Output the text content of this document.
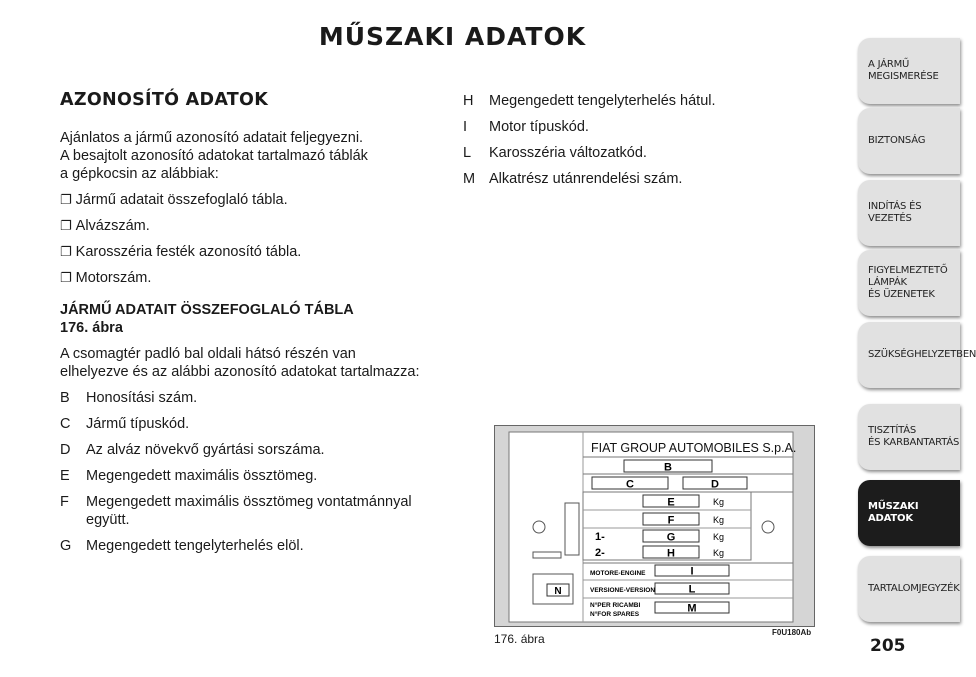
MŰSZAKI ADATOK
AZONOSÍTÓ ADATOK

Ajánlatos a jármű azonosító adatait feljegyezni.

A besajtolt azonosító adatokat tartalmazó táblák

a gépkocsin az alábbiak:

❐ Jármű adatait összefoglaló tábla.

❐ Alvázszám.

❐ Karosszéria festék azonosító tábla.

❐ Motorszám.

JÁRMŰ ADATAIT ÖSSZEFOGLALÓ TÁBLA

176. ábra

A csomagtér padló bal oldali hátsó részén van

elhelyezve és az alábbi azonosító adatokat tartalmazza:

B Honosítási szám.

C Jármű típuskód.

D Az alváz növekvő gyártási sorszáma.

E Megengedett maximális össztömeg.

F Megengedett maximális össztömeg vontatmánnyal

együtt.

G Megengedett tengelyterhelés elöl.

H Megengedett tengelyterhelés hátul.

I Motor típuskód.

L Karosszéria változatkód.

M Alkatrész utánrendelési szám.

A JÁRMŰ
MEGISMERÉSE
BIZTONSÁG
INDÍTÁS ÉS VEZETÉS
FIGYELMEZTETŐ
LÁMPÁK
ÉS ÜZENETEK
SZÜKSÉGHELYZETBEN
TISZTÍTÁS
ÉS KARBANTARTÁS
MŰSZAKI ADATOK
TARTALOMJEGYZÉK
205
FIAT GROUP AUTOMOBILES S.p.A.
B
C	D
E	Kg
F	Kg
1-	G	Kg
2-	H	Kg
MOTORE-ENGINE	I
VERSIONE-VERSION	L
N°PER RICAMBI
N°FOR SPARES	M
N
176. ábra	F0U180Ab
